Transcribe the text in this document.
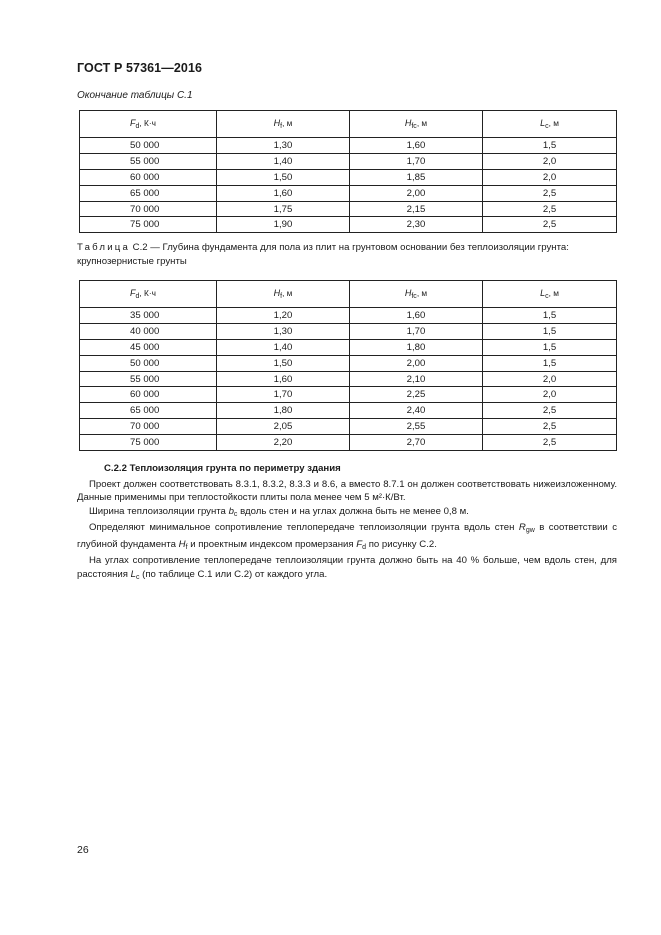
ГОСТ Р 57361—2016
Окончание таблицы С.1
$F_d$, К·ч	$H_f$, м	$H_{fc}$, м	$L_c$, м
50 000	1,30	1,60	1,5
55 000	1,40	1,70	2,0
60 000	1,50	1,85	2,0
65 000	1,60	2,00	2,5
70 000	1,75	2,15	2,5
75 000	1,90	2,30	2,5
Таблица С.2 — Глубина фундамента для пола из плит на грунтовом основании без теплоизоляции грунта: крупнозернистые грунты
$F_d$, К·ч	$H_f$, м	$H_{fc}$, м	$L_c$, м
35 000	1,20	1,60	1,5
40 000	1,30	1,70	1,5
45 000	1,40	1,80	1,5
50 000	1,50	2,00	1,5
55 000	1,60	2,10	2,0
60 000	1,70	2,25	2,0
65 000	1,80	2,40	2,5
70 000	2,05	2,55	2,5
75 000	2,20	2,70	2,5

С.2.2 Теплоизоляция грунта по периметру здания

Проект должен соответствовать 8.3.1, 8.3.2, 8.3.3 и 8.6, а вместо 8.7.1 он должен соответствовать нижеизложенному. Данные применимы при теплостойкости плиты пола менее чем 5 м²·К/Вт.

Ширина теплоизоляции грунта $b_c$ вдоль стен и на углах должна быть не менее 0,8 м.

Определяют минимальное сопротивление теплопередаче теплоизоляции грунта вдоль стен $R_{gw}$ в соответствии с глубиной фундамента $H_f$ и проектным индексом промерзания $F_d$ по рисунку С.2.

На углах сопротивление теплопередаче теплоизоляции грунта должно быть на 40 % больше, чем вдоль стен, для расстояния $L_c$ (по таблице С.1 или С.2) от каждого угла.

26
